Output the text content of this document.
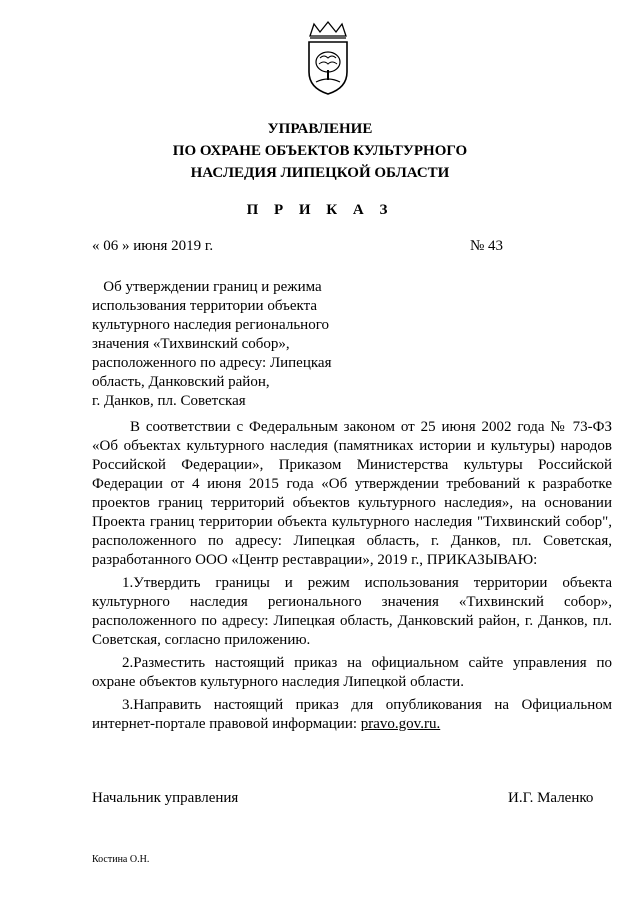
УПРАВЛЕНИЕ
ПО ОХРАНЕ ОБЪЕКТОВ КУЛЬТУРНОГО
НАСЛЕДИЯ ЛИПЕЦКОЙ ОБЛАСТИ
П Р И К А З
« 06 » июня 2019 г.	№ 43
Об утверждении границ и режима
использования территории объекта
культурного наследия регионального
значения «Тихвинский собор»,
расположенного по адресу: Липецкая
область, Данковский район,
г. Данков, пл. Советская

В соответствии с Федеральным законом от 25 июня 2002 года № 73-ФЗ «Об объектах культурного наследия (памятниках истории и культуры) народов Российской Федерации», Приказом Министерства культуры Российской Федерации от 4 июня 2015 года «Об утверждении требований к разработке проектов границ территорий объектов культурного наследия», на основании Проекта границ территории объекта культурного наследия "Тихвинский собор", расположенного по адресу: Липецкая область, г. Данков, пл. Советская, разработанного ООО «Центр реставрации», 2019 г., ПРИКАЗЫВАЮ:

1.Утвердить границы и режим использования территории объекта культурного наследия регионального значения «Тихвинский собор», расположенного по адресу: Липецкая область, Данковский район, г. Данков, пл. Советская, согласно приложению.

2.Разместить настоящий приказ на официальном сайте управления по охране объектов культурного наследия Липецкой области.

3.Направить настоящий приказ для опубликования на Официальном интернет-портале правовой информации: pravo.gov.ru.

Начальник управления	И.Г. Маленко
Костина О.Н.
